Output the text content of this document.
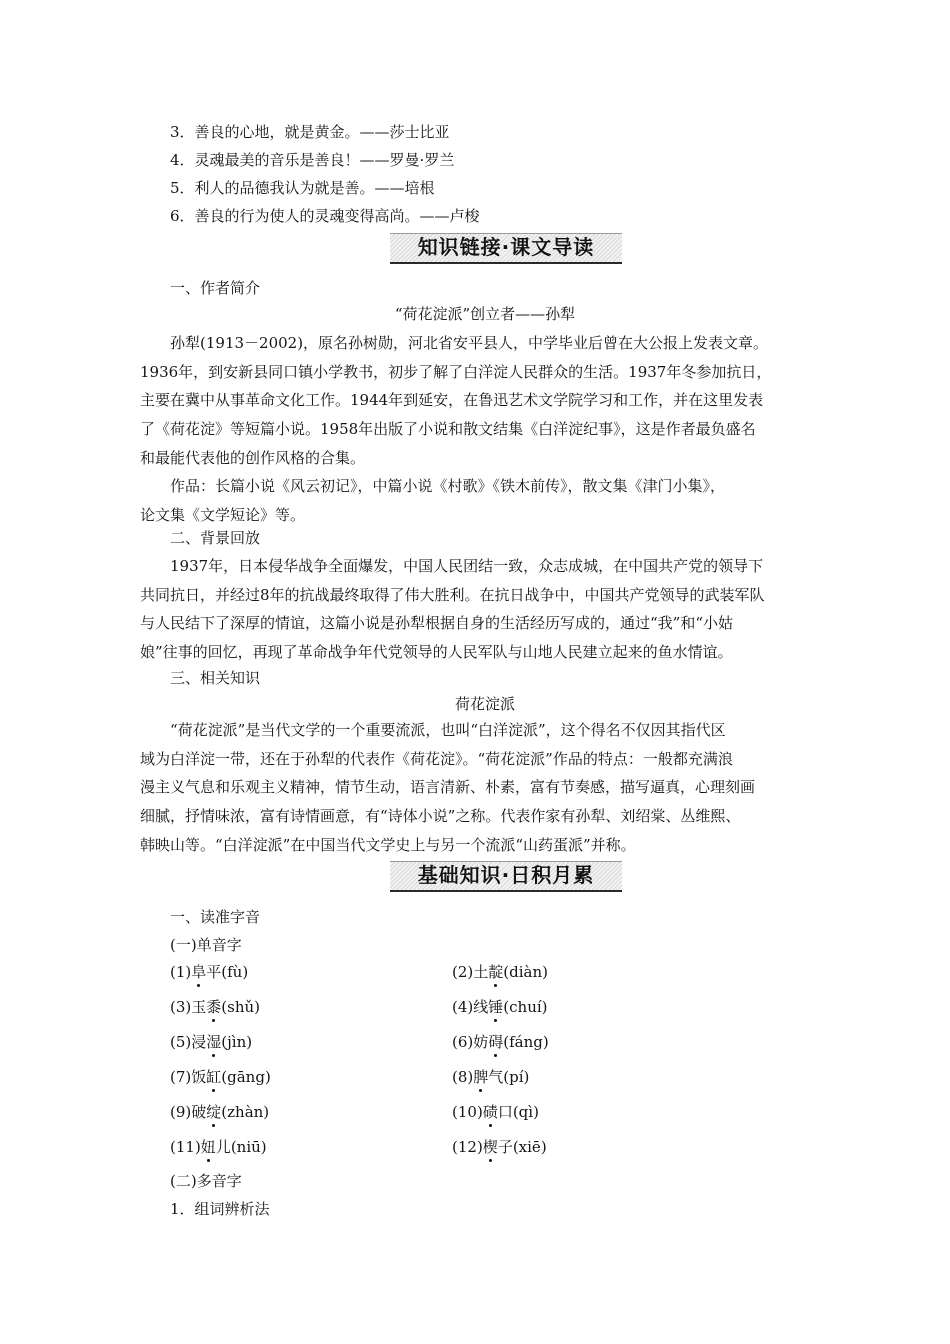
3．善良的心地，就是黄金。——莎士比亚
4．灵魂最美的音乐是善良！——罗曼·罗兰
5．利人的品德我认为就是善。——培根
6．善良的行为使人的灵魂变得高尚。——卢梭
知识链接·课文导读
一、作者简介
“荷花淀派”创立者——孙犁
孙犁(1913－2002)，原名孙树勋，河北省安平县人，中学毕业后曾在大公报上发表文章。
1936年，到安新县同口镇小学教书，初步了解了白洋淀人民群众的生活。1937年冬参加抗日，
主要在冀中从事革命文化工作。1944年到延安，在鲁迅艺术文学院学习和工作，并在这里发表
了《荷花淀》等短篇小说。1958年出版了小说和散文结集《白洋淀纪事》，这是作者最负盛名
和最能代表他的创作风格的合集。
作品：长篇小说《风云初记》，中篇小说《村歌》《铁木前传》，散文集《津门小集》，
论文集《文学短论》等。
二、背景回放
1937年，日本侵华战争全面爆发，中国人民团结一致，众志成城，在中国共产党的领导下
共同抗日，并经过8年的抗战最终取得了伟大胜利。在抗日战争中，中国共产党领导的武装军队
与人民结下了深厚的情谊，这篇小说是孙犁根据自身的生活经历写成的，通过“我”和“小姑
娘”往事的回忆，再现了革命战争年代党领导的人民军队与山地人民建立起来的鱼水情谊。
三、相关知识
荷花淀派
“荷花淀派”是当代文学的一个重要流派，也叫“白洋淀派”，这个得名不仅因其指代区
域为白洋淀一带，还在于孙犁的代表作《荷花淀》。“荷花淀派”作品的特点：一般都充满浪
漫主义气息和乐观主义精神，情节生动，语言清新、朴素，富有节奏感，描写逼真，心理刻画
细腻，抒情味浓，富有诗情画意，有“诗体小说”之称。代表作家有孙犁、刘绍棠、丛维熙、
韩映山等。“白洋淀派”在中国当代文学史上与另一个流派“山药蛋派”并称。
基础知识·日积月累
一、读准字音
(一)单音字
(1)阜平(fù)	(2)土靛(diàn)
(3)玉黍(shǔ)	(4)线锤(chuí)
(5)浸湿(jìn)	(6)妨碍(fáng)
(7)饭缸(gāng)	(8)脾气(pí)
(9)破绽(zhàn)	(10)碛口(qì)
(11)妞儿(niū)	(12)楔子(xiē)
(二)多音字
1．组词辨析法
